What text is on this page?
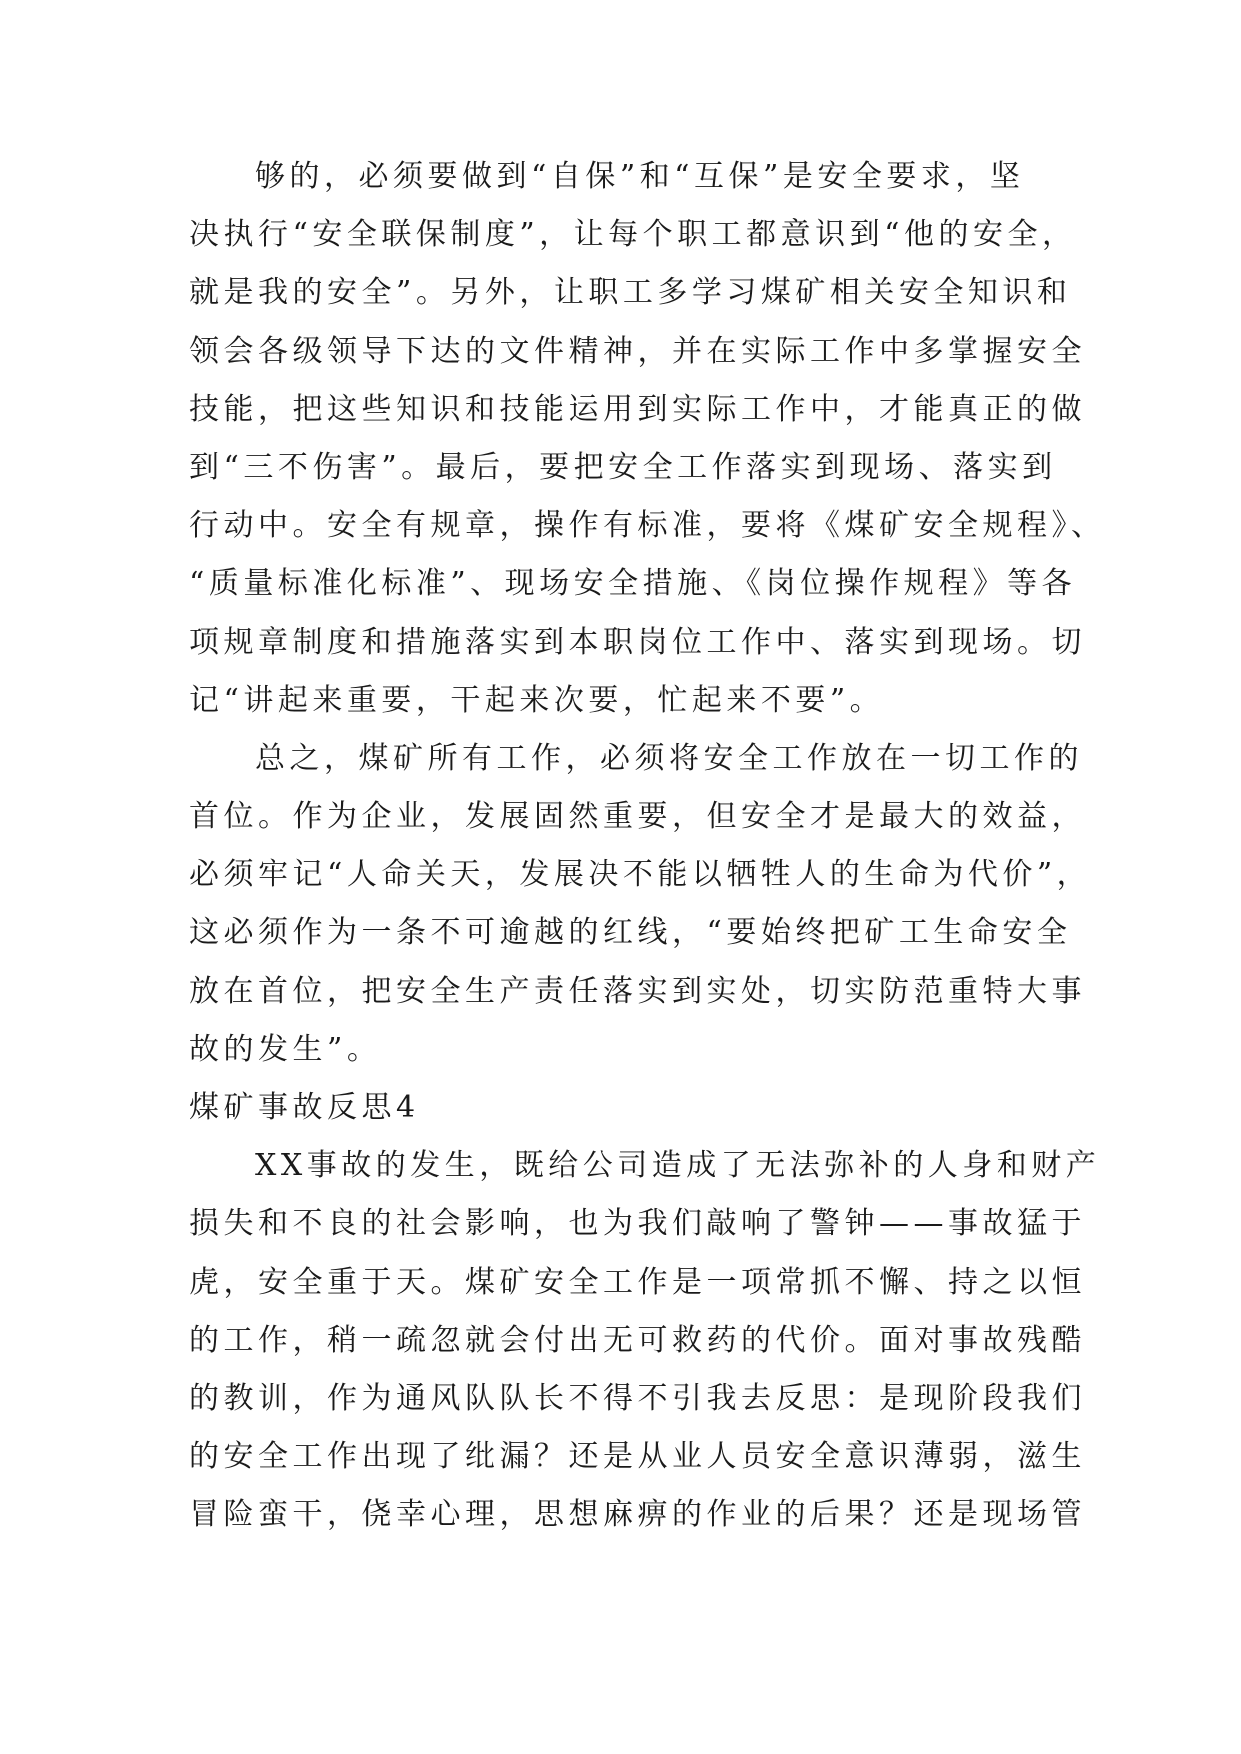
够的，必须要做到“自保”和“互保”是安全要求，坚
决执行“安全联保制度”，让每个职工都意识到“他的安全，
就是我的安全”。另外，让职工多学习煤矿相关安全知识和
领会各级领导下达的文件精神，并在实际工作中多掌握安全
技能，把这些知识和技能运用到实际工作中，才能真正的做
到“三不伤害”。最后，要把安全工作落实到现场、落实到
行动中。安全有规章，操作有标准，要将《煤矿安全规程》、
“质量标准化标准”、现场安全措施、《岗位操作规程》等各
项规章制度和措施落实到本职岗位工作中、落实到现场。切
记“讲起来重要，干起来次要，忙起来不要”。
总之，煤矿所有工作，必须将安全工作放在一切工作的
首位。作为企业，发展固然重要，但安全才是最大的效益，
必须牢记“人命关天，发展决不能以牺牲人的生命为代价”，
这必须作为一条不可逾越的红线，“要始终把矿工生命安全
放在首位，把安全生产责任落实到实处，切实防范重特大事
故的发生”。
煤矿事故反思4
XX事故的发生，既给公司造成了无法弥补的人身和财产
损失和不良的社会影响，也为我们敲响了警钟——事故猛于
虎，安全重于天。煤矿安全工作是一项常抓不懈、持之以恒
的工作，稍一疏忽就会付出无可救药的代价。面对事故残酷
的教训，作为通风队队长不得不引我去反思：是现阶段我们
的安全工作出现了纰漏？还是从业人员安全意识薄弱，滋生
冒险蛮干，侥幸心理，思想麻痹的作业的后果？还是现场管
